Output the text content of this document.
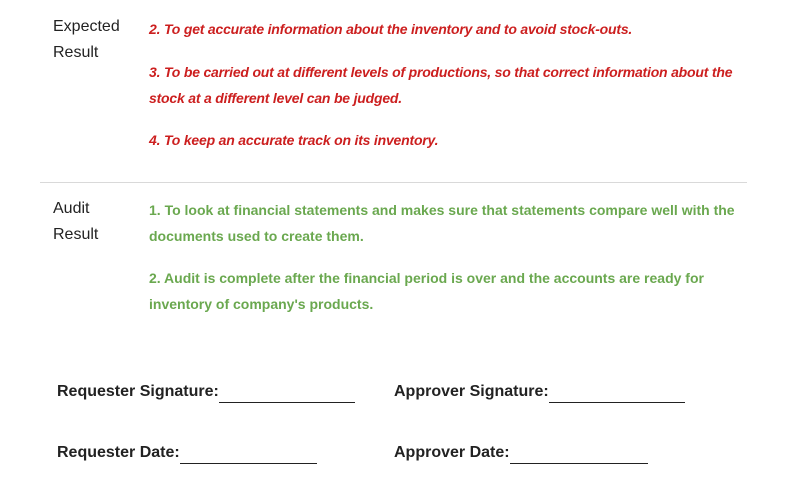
Expected
Result
2. To get accurate information about the inventory and to avoid stock-outs.
3. To be carried out at different levels of productions, so that correct information about the stock at a different level can be judged.
4. To keep an accurate track on its inventory.
Audit
Result
1. To look at financial statements and makes sure that statements compare well with the documents used to create them.
2. Audit is complete after the financial period is over and the accounts are ready for inventory of company's products.
Requester Signature:	Approver Signature:
Requester Date:	Approver Date:
